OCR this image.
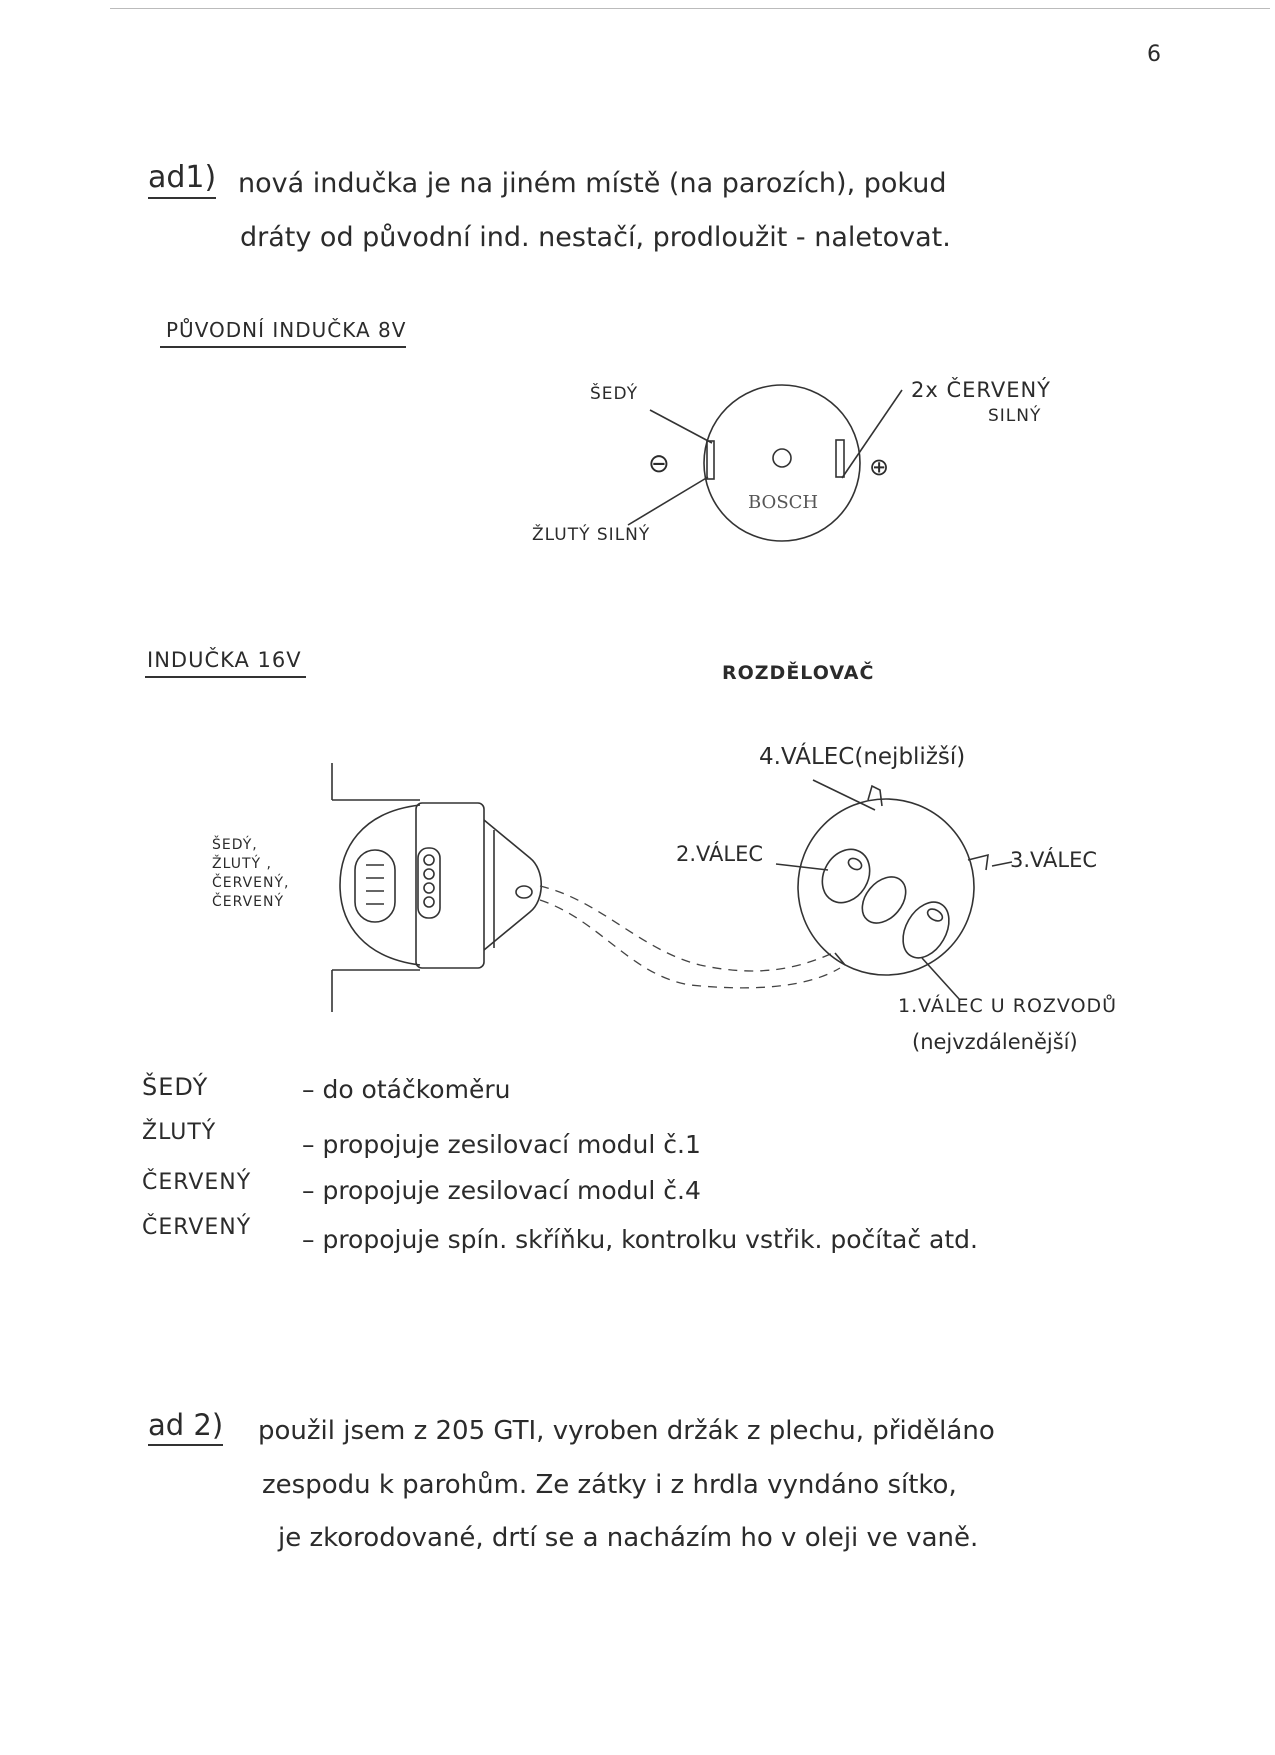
6
ad1) nová indučka je na jiném místě (na parozích), pokud
dráty od původní ind. nestačí, prodloužit - naletovat.
PŮVODNÍ INDUČKA 8V
ŠEDÝ	2x ČERVENÝ
SILNÝ
ŽLUTÝ SILNÝ
⊖	⊕
BOSCH
INDUČKA 16V
ROZDĚLOVAČ
ŠEDÝ,
ŽLUTÝ ,
ČERVENÝ,
ČERVENÝ
4.VÁLEC(nejbližší)
2.VÁLEC	3.VÁLEC
1.VÁLEC U ROZVODŮ
(nejvzdálenější)
ŠEDÝ	– do otáčkoměru
ŽLUTÝ	– propojuje zesilovací modul č.1
ČERVENÝ – propojuje zesilovací modul č.4
ČERVENÝ – propojuje spín. skříňku, kontrolku vstřik. počítač atd.
ad 2) použil jsem z 205 GTI, vyroben držák z plechu, přiděláno
zespodu k parohům. Ze zátky i z hrdla vyndáno sítko,
je zkorodované, drtí se a nacházím ho v oleji ve vaně.
